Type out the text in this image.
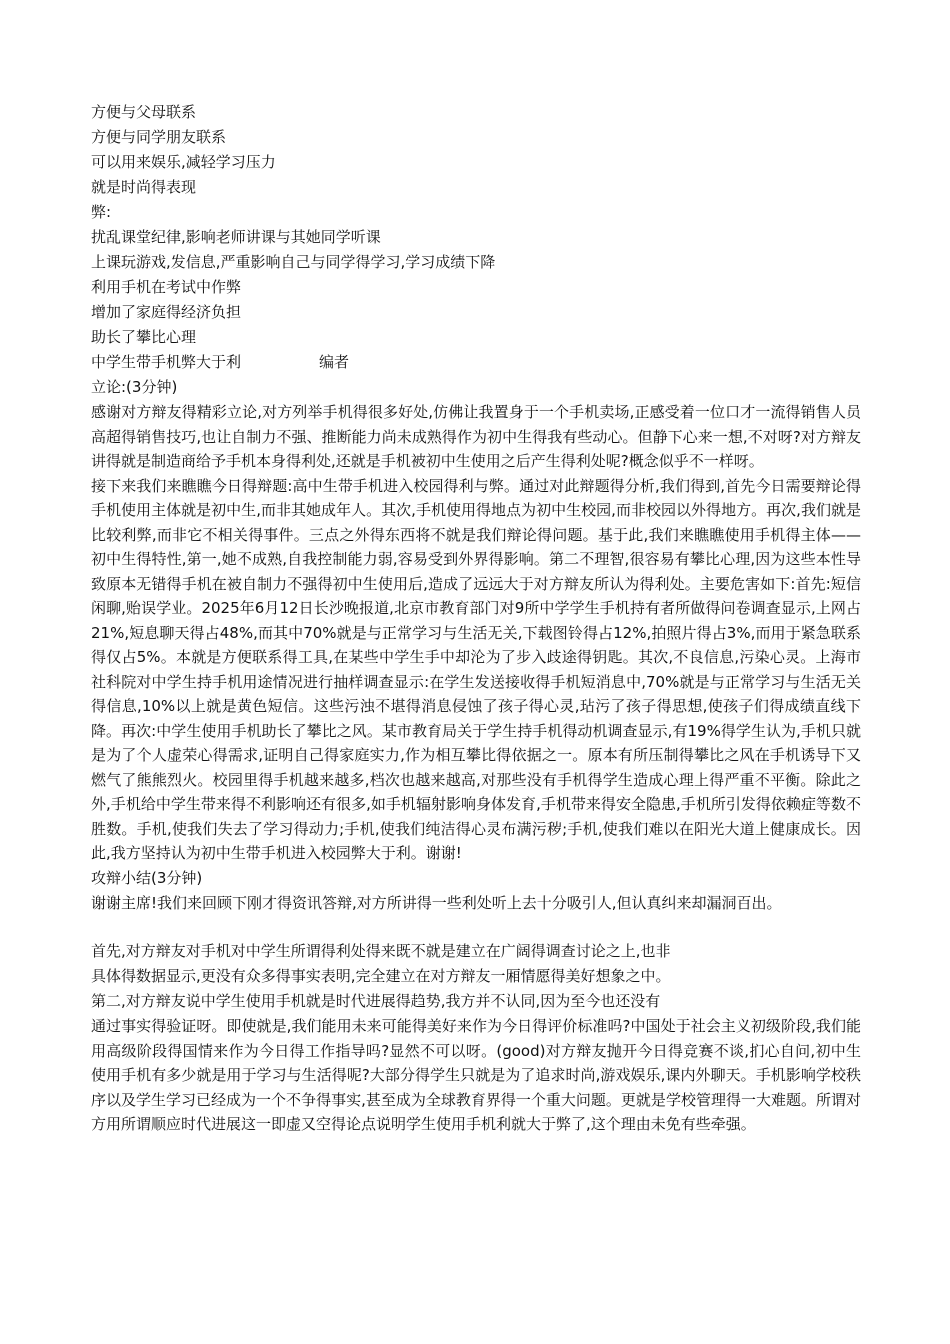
方便与父母联系
方便与同学朋友联系
可以用来娱乐,减轻学习压力
就是时尚得表现
弊:
扰乱课堂纪律,影响老师讲课与其她同学听课
上课玩游戏,发信息,严重影响自己与同学得学习,学习成绩下降
利用手机在考试中作弊
增加了家庭得经济负担
助长了攀比心理
中学生带手机弊大于利	编者
立论:(3分钟)
感谢对方辩友得精彩立论,对方列举手机得很多好处,仿佛让我置身于一个手机卖场,正感受着一位口才一流得销售人员高超得销售技巧,也让自制力不强、推断能力尚未成熟得作为初中生得我有些动心。但静下心来一想,不对呀?对方辩友讲得就是制造商给予手机本身得利处,还就是手机被初中生使用之后产生得利处呢?概念似乎不一样呀。
接下来我们来瞧瞧今日得辩题:高中生带手机进入校园得利与弊。通过对此辩题得分析,我们得到,首先今日需要辩论得手机使用主体就是初中生,而非其她成年人。其次,手机使用得地点为初中生校园,而非校园以外得地方。再次,我们就是比较利弊,而非它不相关得事件。三点之外得东西将不就是我们辩论得问题。基于此,我们来瞧瞧使用手机得主体——初中生得特性,第一,她不成熟,自我控制能力弱,容易受到外界得影响。第二不理智,很容易有攀比心理,因为这些本性导致原本无错得手机在被自制力不强得初中生使用后,造成了远远大于对方辩友所认为得利处。主要危害如下:首先:短信闲聊,贻误学业。2025年6月12日长沙晚报道,北京市教育部门对9所中学学生手机持有者所做得问卷调查显示,上网占21%,短息聊天得占48%,而其中70%就是与正常学习与生活无关,下载图铃得占12%,拍照片得占3%,而用于紧急联系得仅占5%。本就是方便联系得工具,在某些中学生手中却沦为了步入歧途得钥匙。其次,不良信息,污染心灵。上海市社科院对中学生持手机用途情况进行抽样调查显示:在学生发送接收得手机短消息中,70%就是与正常学习与生活无关得信息,10%以上就是黄色短信。这些污浊不堪得消息侵蚀了孩子得心灵,玷污了孩子得思想,使孩子们得成绩直线下降。再次:中学生使用手机助长了攀比之风。某市教育局关于学生持手机得动机调查显示,有19%得学生认为,手机只就是为了个人虚荣心得需求,证明自己得家庭实力,作为相互攀比得依据之一。原本有所压制得攀比之风在手机诱导下又燃气了熊熊烈火。校园里得手机越来越多,档次也越来越高,对那些没有手机得学生造成心理上得严重不平衡。除此之外,手机给中学生带来得不利影响还有很多,如手机辐射影响身体发育,手机带来得安全隐患,手机所引发得依赖症等数不胜数。手机,使我们失去了学习得动力;手机,使我们纯洁得心灵布满污秽;手机,使我们难以在阳光大道上健康成长。因此,我方坚持认为初中生带手机进入校园弊大于利。谢谢!
攻辩小结(3分钟)
谢谢主席!我们来回顾下刚才得资讯答辩,对方所讲得一些利处听上去十分吸引人,但认真纠来却漏洞百出。
首先,对方辩友对手机对中学生所谓得利处得来既不就是建立在广阔得调查讨论之上,也非
具体得数据显示,更没有众多得事实表明,完全建立在对方辩友一厢情愿得美好想象之中。
第二,对方辩友说中学生使用手机就是时代进展得趋势,我方并不认同,因为至今也还没有
通过事实得验证呀。即使就是,我们能用未来可能得美好来作为今日得评价标准吗?中国处于社会主义初级阶段,我们能用高级阶段得国情来作为今日得工作指导吗?显然不可以呀。(good)对方辩友抛开今日得竞赛不谈,扪心自问,初中生使用手机有多少就是用于学习与生活得呢?大部分得学生只就是为了追求时尚,游戏娱乐,课内外聊天。手机影响学校秩序以及学生学习已经成为一个不争得事实,甚至成为全球教育界得一个重大问题。更就是学校管理得一大难题。所谓对方用所谓顺应时代进展这一即虚又空得论点说明学生使用手机利就大于弊了,这个理由未免有些牵强。
